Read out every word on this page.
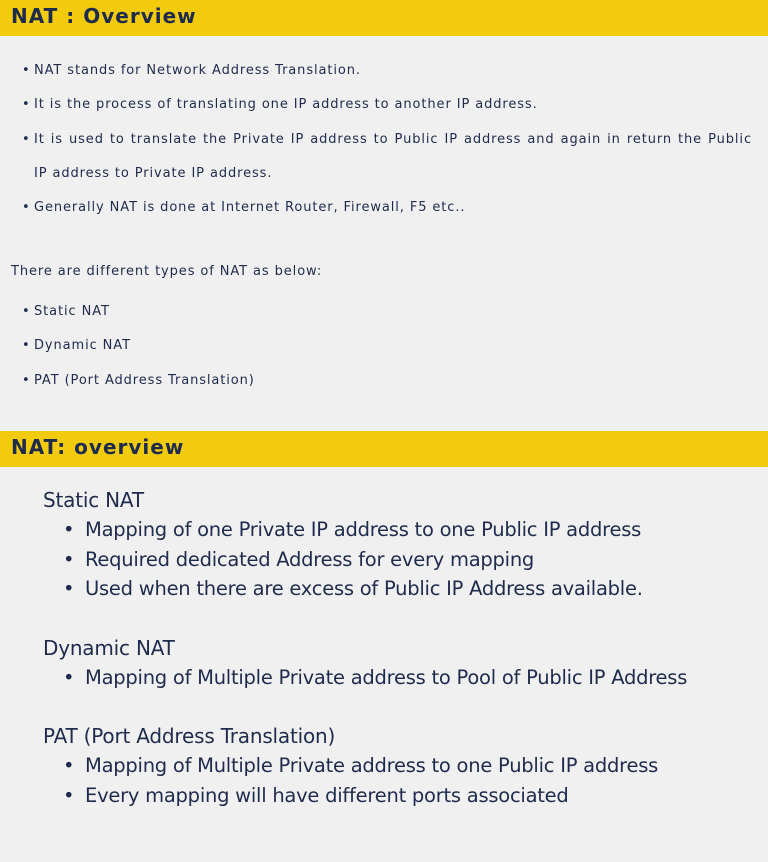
NAT : Overview
• NAT stands for Network Address Translation.
• It is the process of translating one IP address to another IP address.
• It is used to translate the Private IP address to Public IP address and again in return the Public IP address to Private IP address.
• Generally NAT is done at Internet Router, Firewall, F5 etc..
There are different types of NAT as below:
• Static NAT
• Dynamic NAT
• PAT (Port Address Translation)
NAT: overview
Static NAT
• Mapping of one Private IP address to one Public IP address
• Required dedicated Address for every mapping
• Used when there are excess of Public IP Address available.
Dynamic NAT
• Mapping of Multiple Private address to Pool of Public IP Address
PAT (Port Address Translation)
• Mapping of Multiple Private address to one Public IP address
• Every mapping will have different ports associated
